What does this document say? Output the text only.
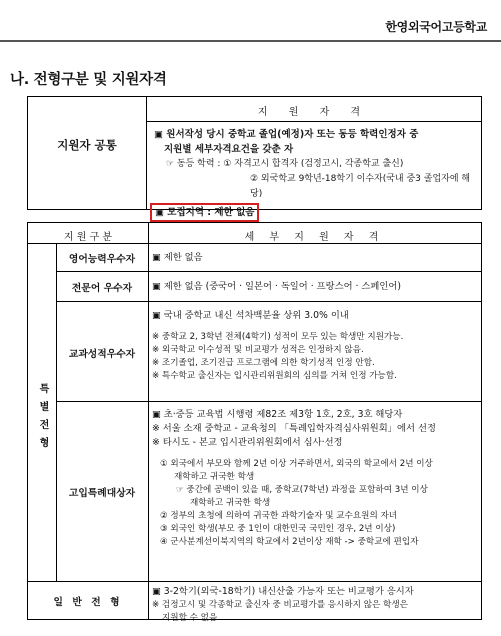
한영외국어고등학교
나. 전형구분 및 지원자격
지원자 공통
지 원 자 격
▣ 원서작성 당시 중학교 졸업(예정)자 또는 동등 학력인정자 중
지원별 세부자격요건을 갖춘 자
☞ 동등 학력 : ① 자격고시 합격자 (검정고시, 각종학교 출신)
② 외국학교 9학년-18학기 이수자(국내 중3 졸업자에 해당)
▣ 모집지역 : 제한 없음
지 원 구 분	세 부 지 원 자 격
특별전형
영어능력우수자	▣ 제한 없음
전문어 우수자	▣ 제한 없음 (중국어 · 일본어 · 독일어 · 프랑스어 · 스페인어)
교과성적우수자
▣ 국내 중학교 내신 석차백분율 상위 3.0% 이내
※ 중학교 2, 3학년 전체(4학기) 성적이 모두 있는 학생만 지원가능.
※ 외국학교 이수성적 및 비교평가 성적은 인정하지 않음.
※ 조기졸업, 조기진급 프로그램에 의한 학기성적 인정 안함.
※ 특수학교 출신자는 입시관리위원회의 심의를 거쳐 인정 가능함.
고입특례대상자
▣ 초·중등 교육법 시행령 제82조 제3항 1호, 2호, 3호 해당자
※ 서울 소재 중학교 - 교육청의 「특례입학자격심사위원회」에서 선정
※ 타시도 - 본교 입시관리위원회에서 심사·선정
① 외국에서 부모와 함께 2년 이상 거주하면서, 외국의 학교에서 2년 이상
재학하고 귀국한 학생
☞ 중간에 공백이 있을 때, 중학교(7학년) 과정을 포함하여 3년 이상
재학하고 귀국한 학생
② 정부의 초청에 의하여 귀국한 과학기술자 및 교수요원의 자녀
③ 외국인 학생(부모 중 1인이 대한민국 국민인 경우, 2년 이상)
④ 군사분계선이북지역의 학교에서 2년이상 재학 -> 중학교에 편입자
일 반 전 형
▣ 3-2학기(외국-18학기) 내신산출 가능자 또는 비교평가 응시자
※ 검정고시 및 각종학교 출신자 중 비교평가를 응시하지 않은 학생은
지원할 수 없음.
